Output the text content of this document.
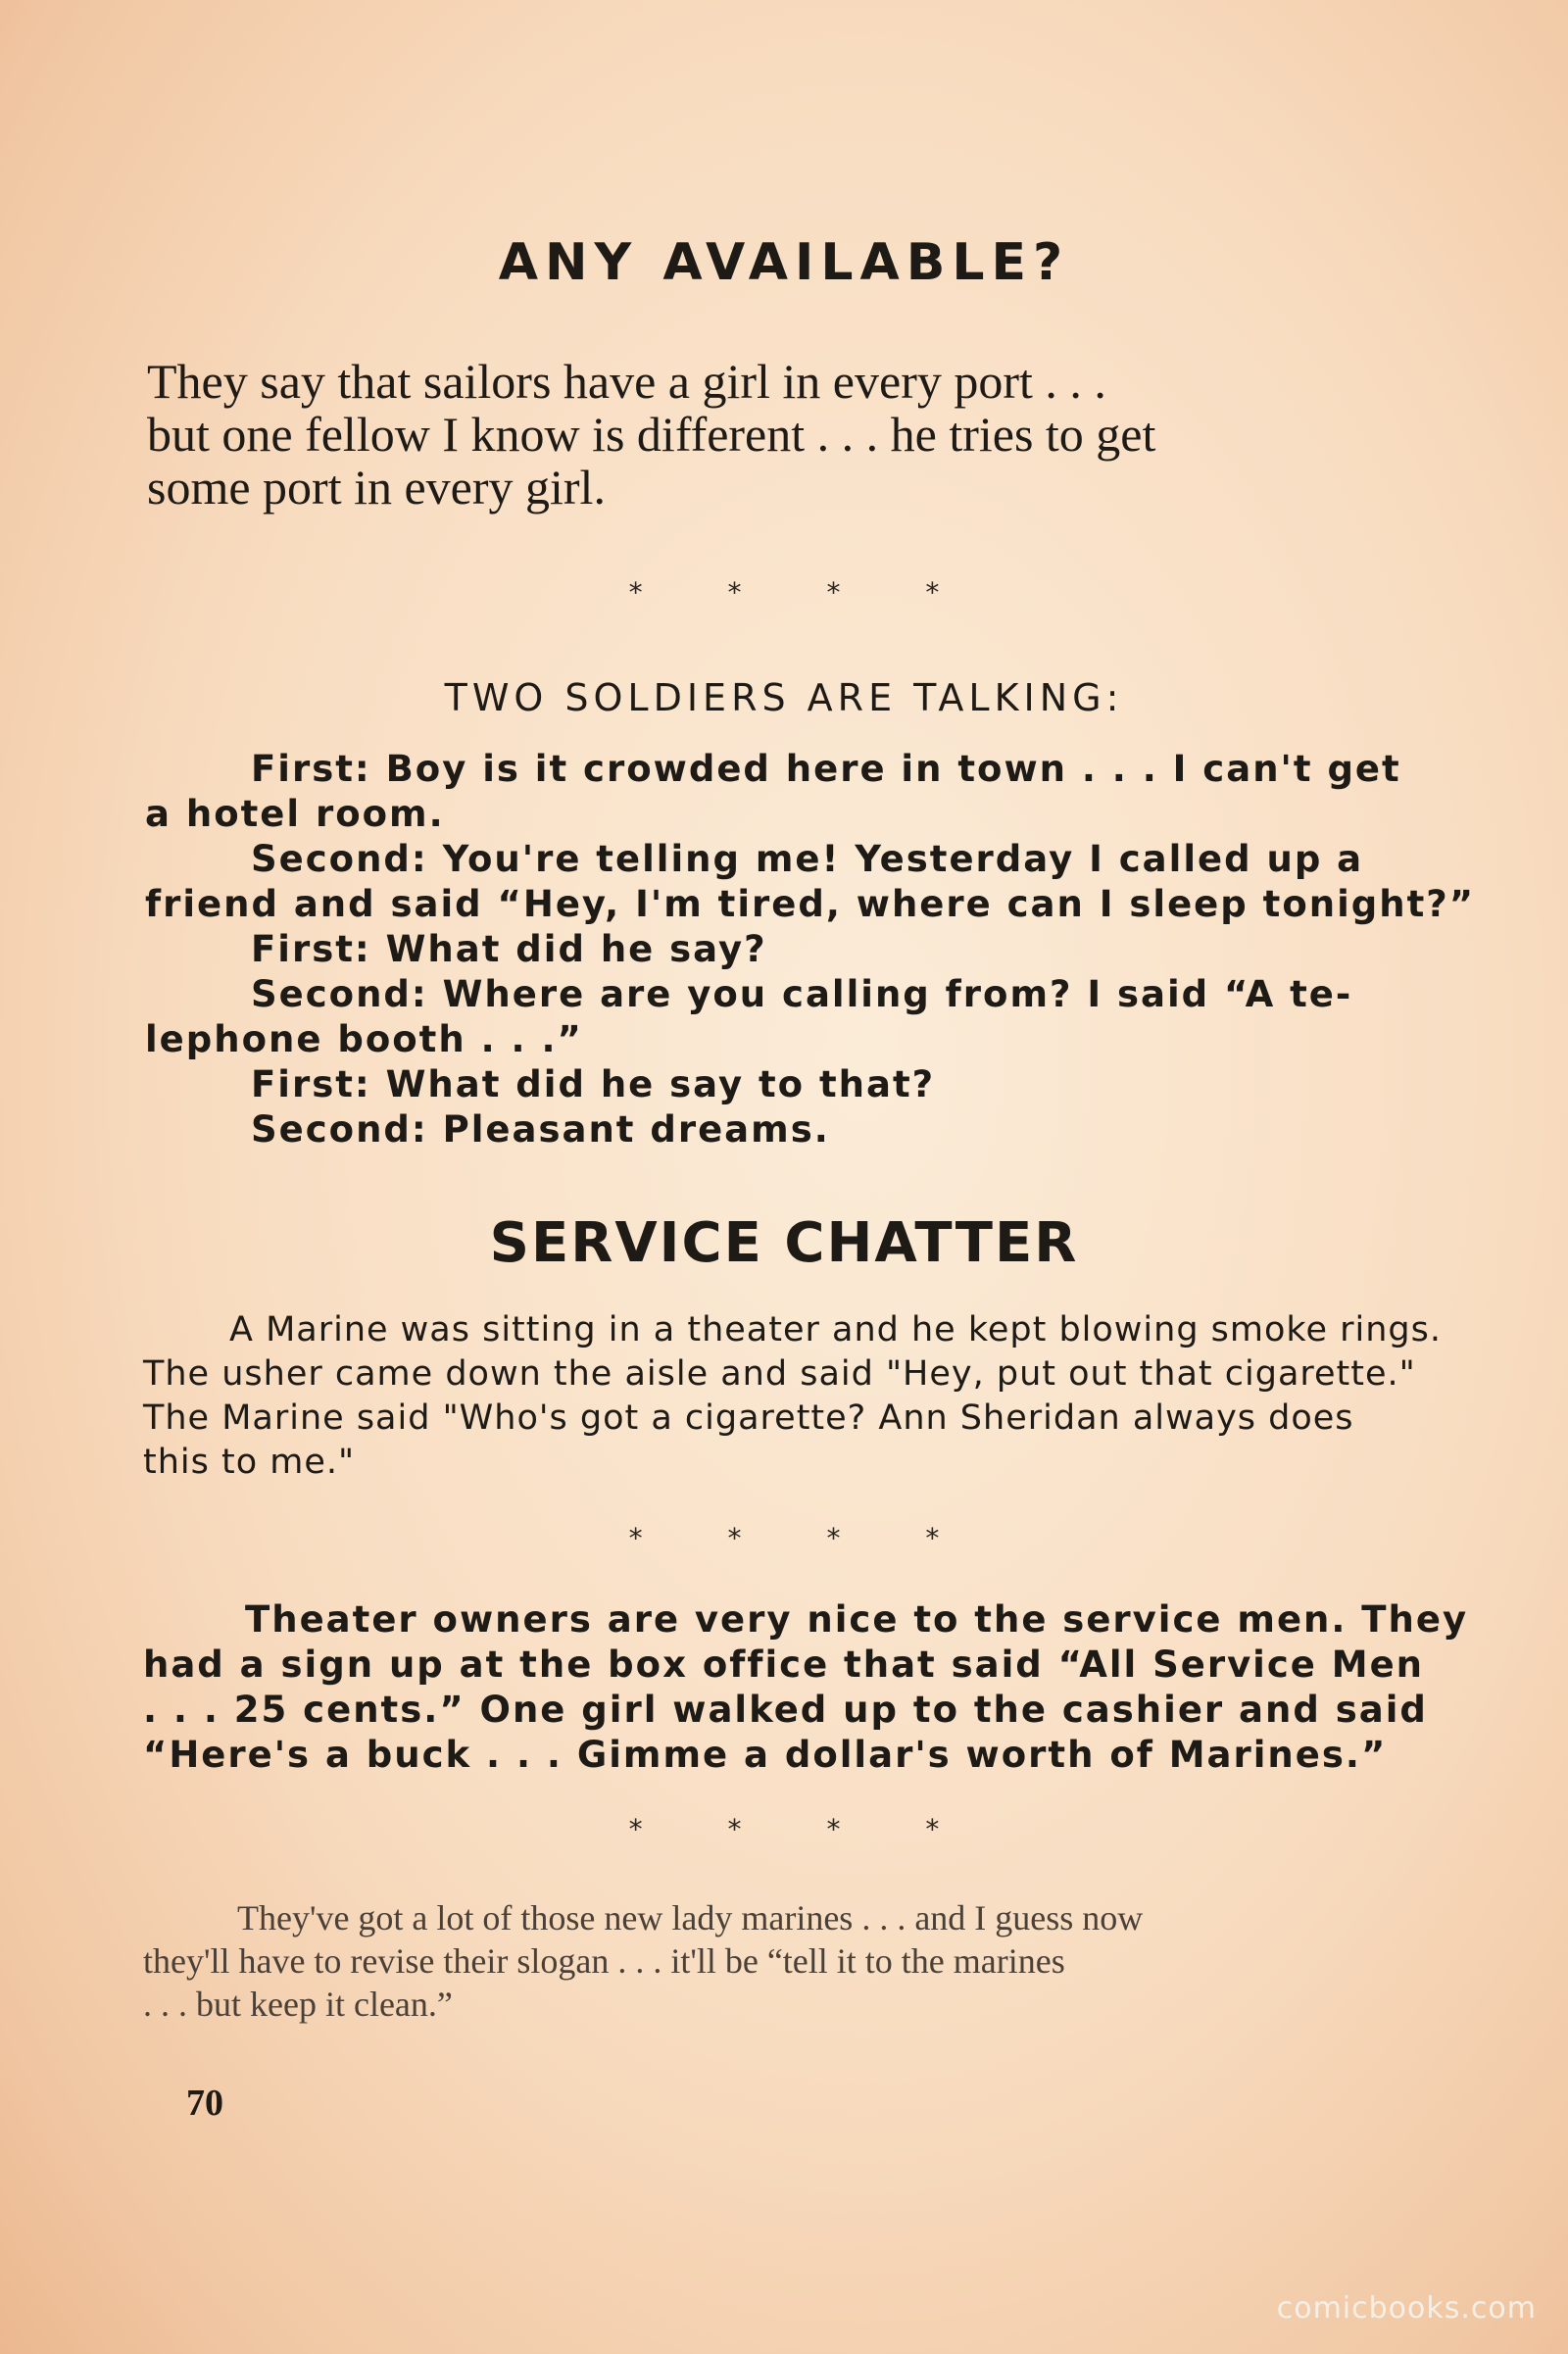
ANY AVAILABLE?

They say that sailors have a girl in every port . . .
but one fellow I know is different . . . he tries to get
some port in every girl.

* * * *
TWO SOLDIERS ARE TALKING:
First: Boy is it crowded here in town . . . I can't get
a hotel room.
Second: You're telling me! Yesterday I called up a
friend and said “Hey, I'm tired, where can I sleep tonight?”
First: What did he say?
Second: Where are you calling from? I said “A te-
lephone booth . . .”
First: What did he say to that?
Second: Pleasant dreams.
SERVICE CHATTER

A Marine was sitting in a theater and he kept blowing smoke rings.
The usher came down the aisle and said "Hey, put out that cigarette."
The Marine said "Who's got a cigarette? Ann Sheridan always does
this to me."

* * * *

Theater owners are very nice to the service men. They
had a sign up at the box office that said “All Service Men
. . . 25 cents.” One girl walked up to the cashier and said
“Here's a buck . . . Gimme a dollar's worth of Marines.”

* * * *

They've got a lot of those new lady marines . . . and I guess now
they'll have to revise their slogan . . . it'll be “tell it to the marines
. . . but keep it clean.”

70

comicbooks.com
